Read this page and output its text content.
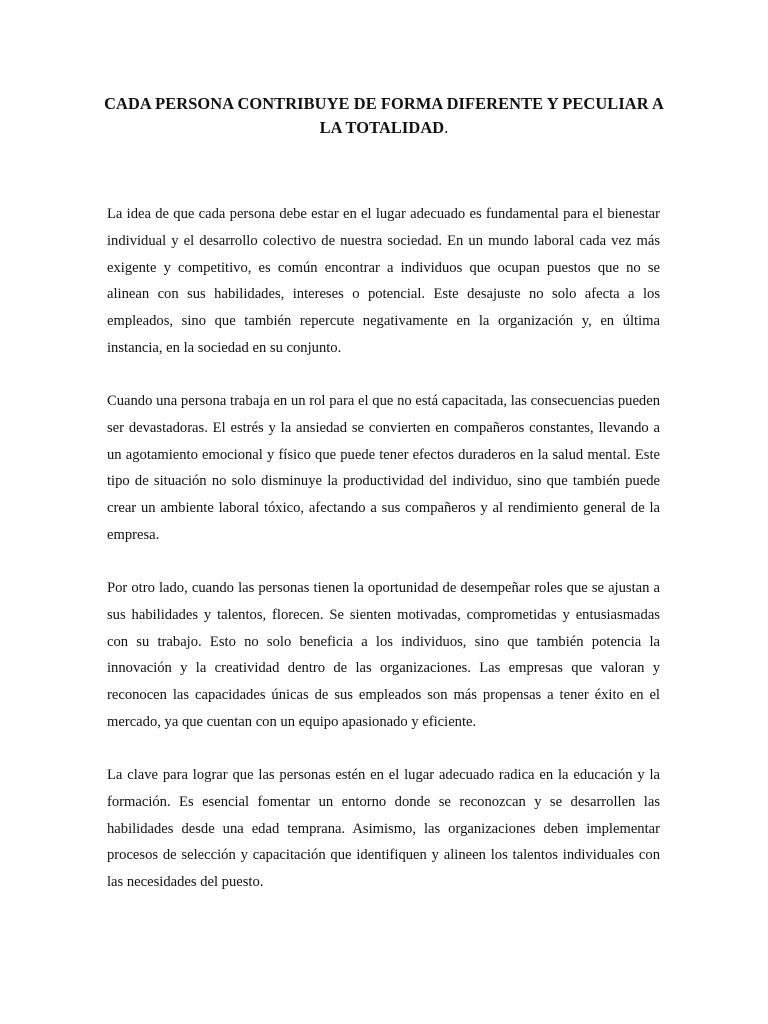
CADA PERSONA CONTRIBUYE DE FORMA DIFERENTE Y PECULIAR A LA TOTALIDAD.

La idea de que cada persona debe estar en el lugar adecuado es fundamental para el bienestar individual y el desarrollo colectivo de nuestra sociedad. En un mundo laboral cada vez más exigente y competitivo, es común encontrar a individuos que ocupan puestos que no se alinean con sus habilidades, intereses o potencial. Este desajuste no solo afecta a los empleados, sino que también repercute negativamente en la organización y, en última instancia, en la sociedad en su conjunto.

Cuando una persona trabaja en un rol para el que no está capacitada, las consecuencias pueden ser devastadoras. El estrés y la ansiedad se convierten en compañeros constantes, llevando a un agotamiento emocional y físico que puede tener efectos duraderos en la salud mental. Este tipo de situación no solo disminuye la productividad del individuo, sino que también puede crear un ambiente laboral tóxico, afectando a sus compañeros y al rendimiento general de la empresa.

Por otro lado, cuando las personas tienen la oportunidad de desempeñar roles que se ajustan a sus habilidades y talentos, florecen. Se sienten motivadas, comprometidas y entusiasmadas con su trabajo. Esto no solo beneficia a los individuos, sino que también potencia la innovación y la creatividad dentro de las organizaciones. Las empresas que valoran y reconocen las capacidades únicas de sus empleados son más propensas a tener éxito en el mercado, ya que cuentan con un equipo apasionado y eficiente.

La clave para lograr que las personas estén en el lugar adecuado radica en la educación y la formación. Es esencial fomentar un entorno donde se reconozcan y se desarrollen las habilidades desde una edad temprana. Asimismo, las organizaciones deben implementar procesos de selección y capacitación que identifiquen y alineen los talentos individuales con las necesidades del puesto.
